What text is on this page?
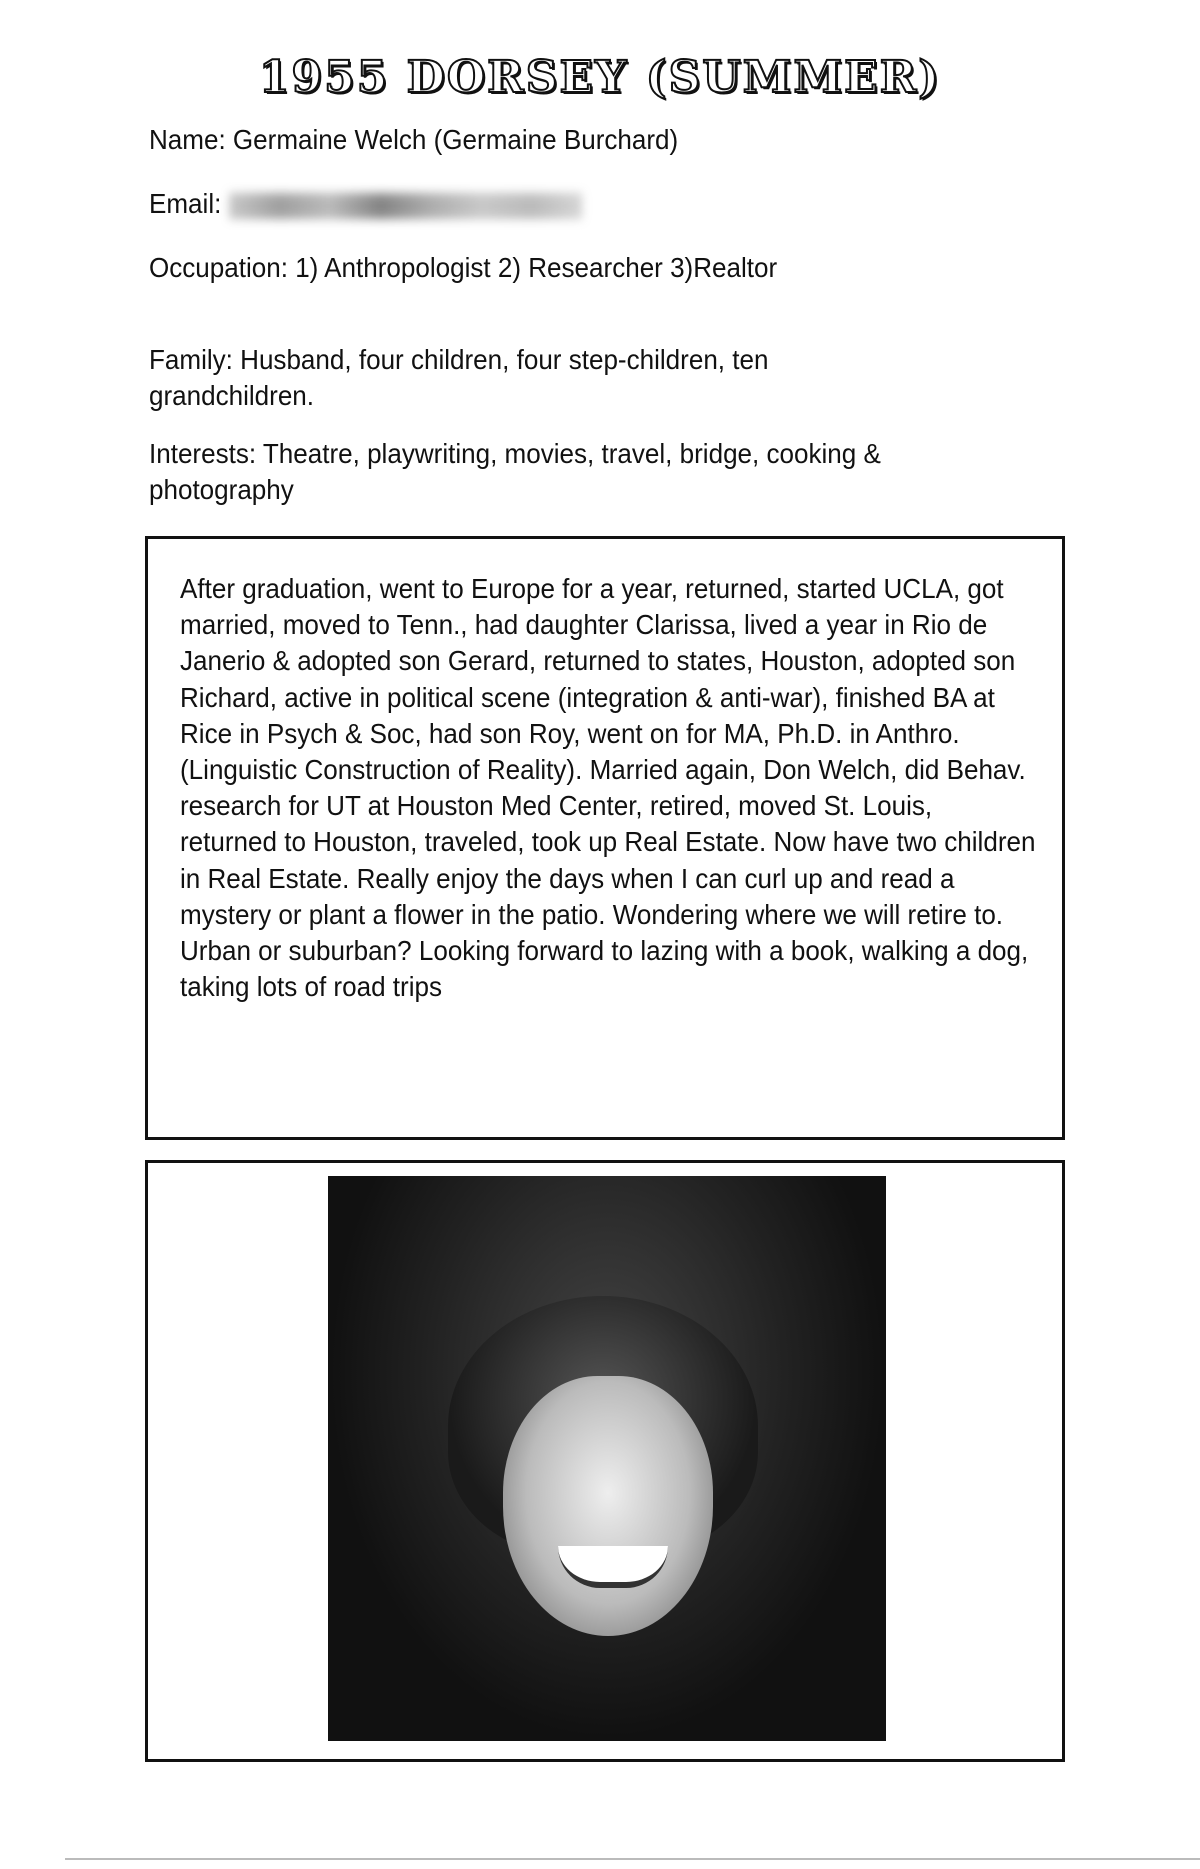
1955 DORSEY (SUMMER)
Name: Germaine Welch (Germaine Burchard)
Email:
Occupation: 1) Anthropologist 2) Researcher 3)Realtor
Family: Husband, four children, four step-children, ten grandchildren.
Interests: Theatre, playwriting, movies, travel, bridge, cooking & photography

After graduation, went to Europe for a year, returned, started UCLA, got married, moved to Tenn., had daughter Clarissa, lived a year in Rio de Janerio & adopted son Gerard, returned to states, Houston, adopted son Richard, active in political scene (integration & anti-war), finished BA at Rice in Psych & Soc, had son Roy, went on for MA, Ph.D. in Anthro. (Linguistic Construction of Reality). Married again, Don Welch, did Behav. research for UT at Houston Med Center, retired, moved St. Louis, returned to Houston, traveled, took up Real Estate. Now have two children in Real Estate. Really enjoy the days when I can curl up and read a mystery or plant a flower in the patio. Wondering where we will retire to. Urban or suburban? Looking forward to lazing with a book, walking a dog, taking lots of road trips
